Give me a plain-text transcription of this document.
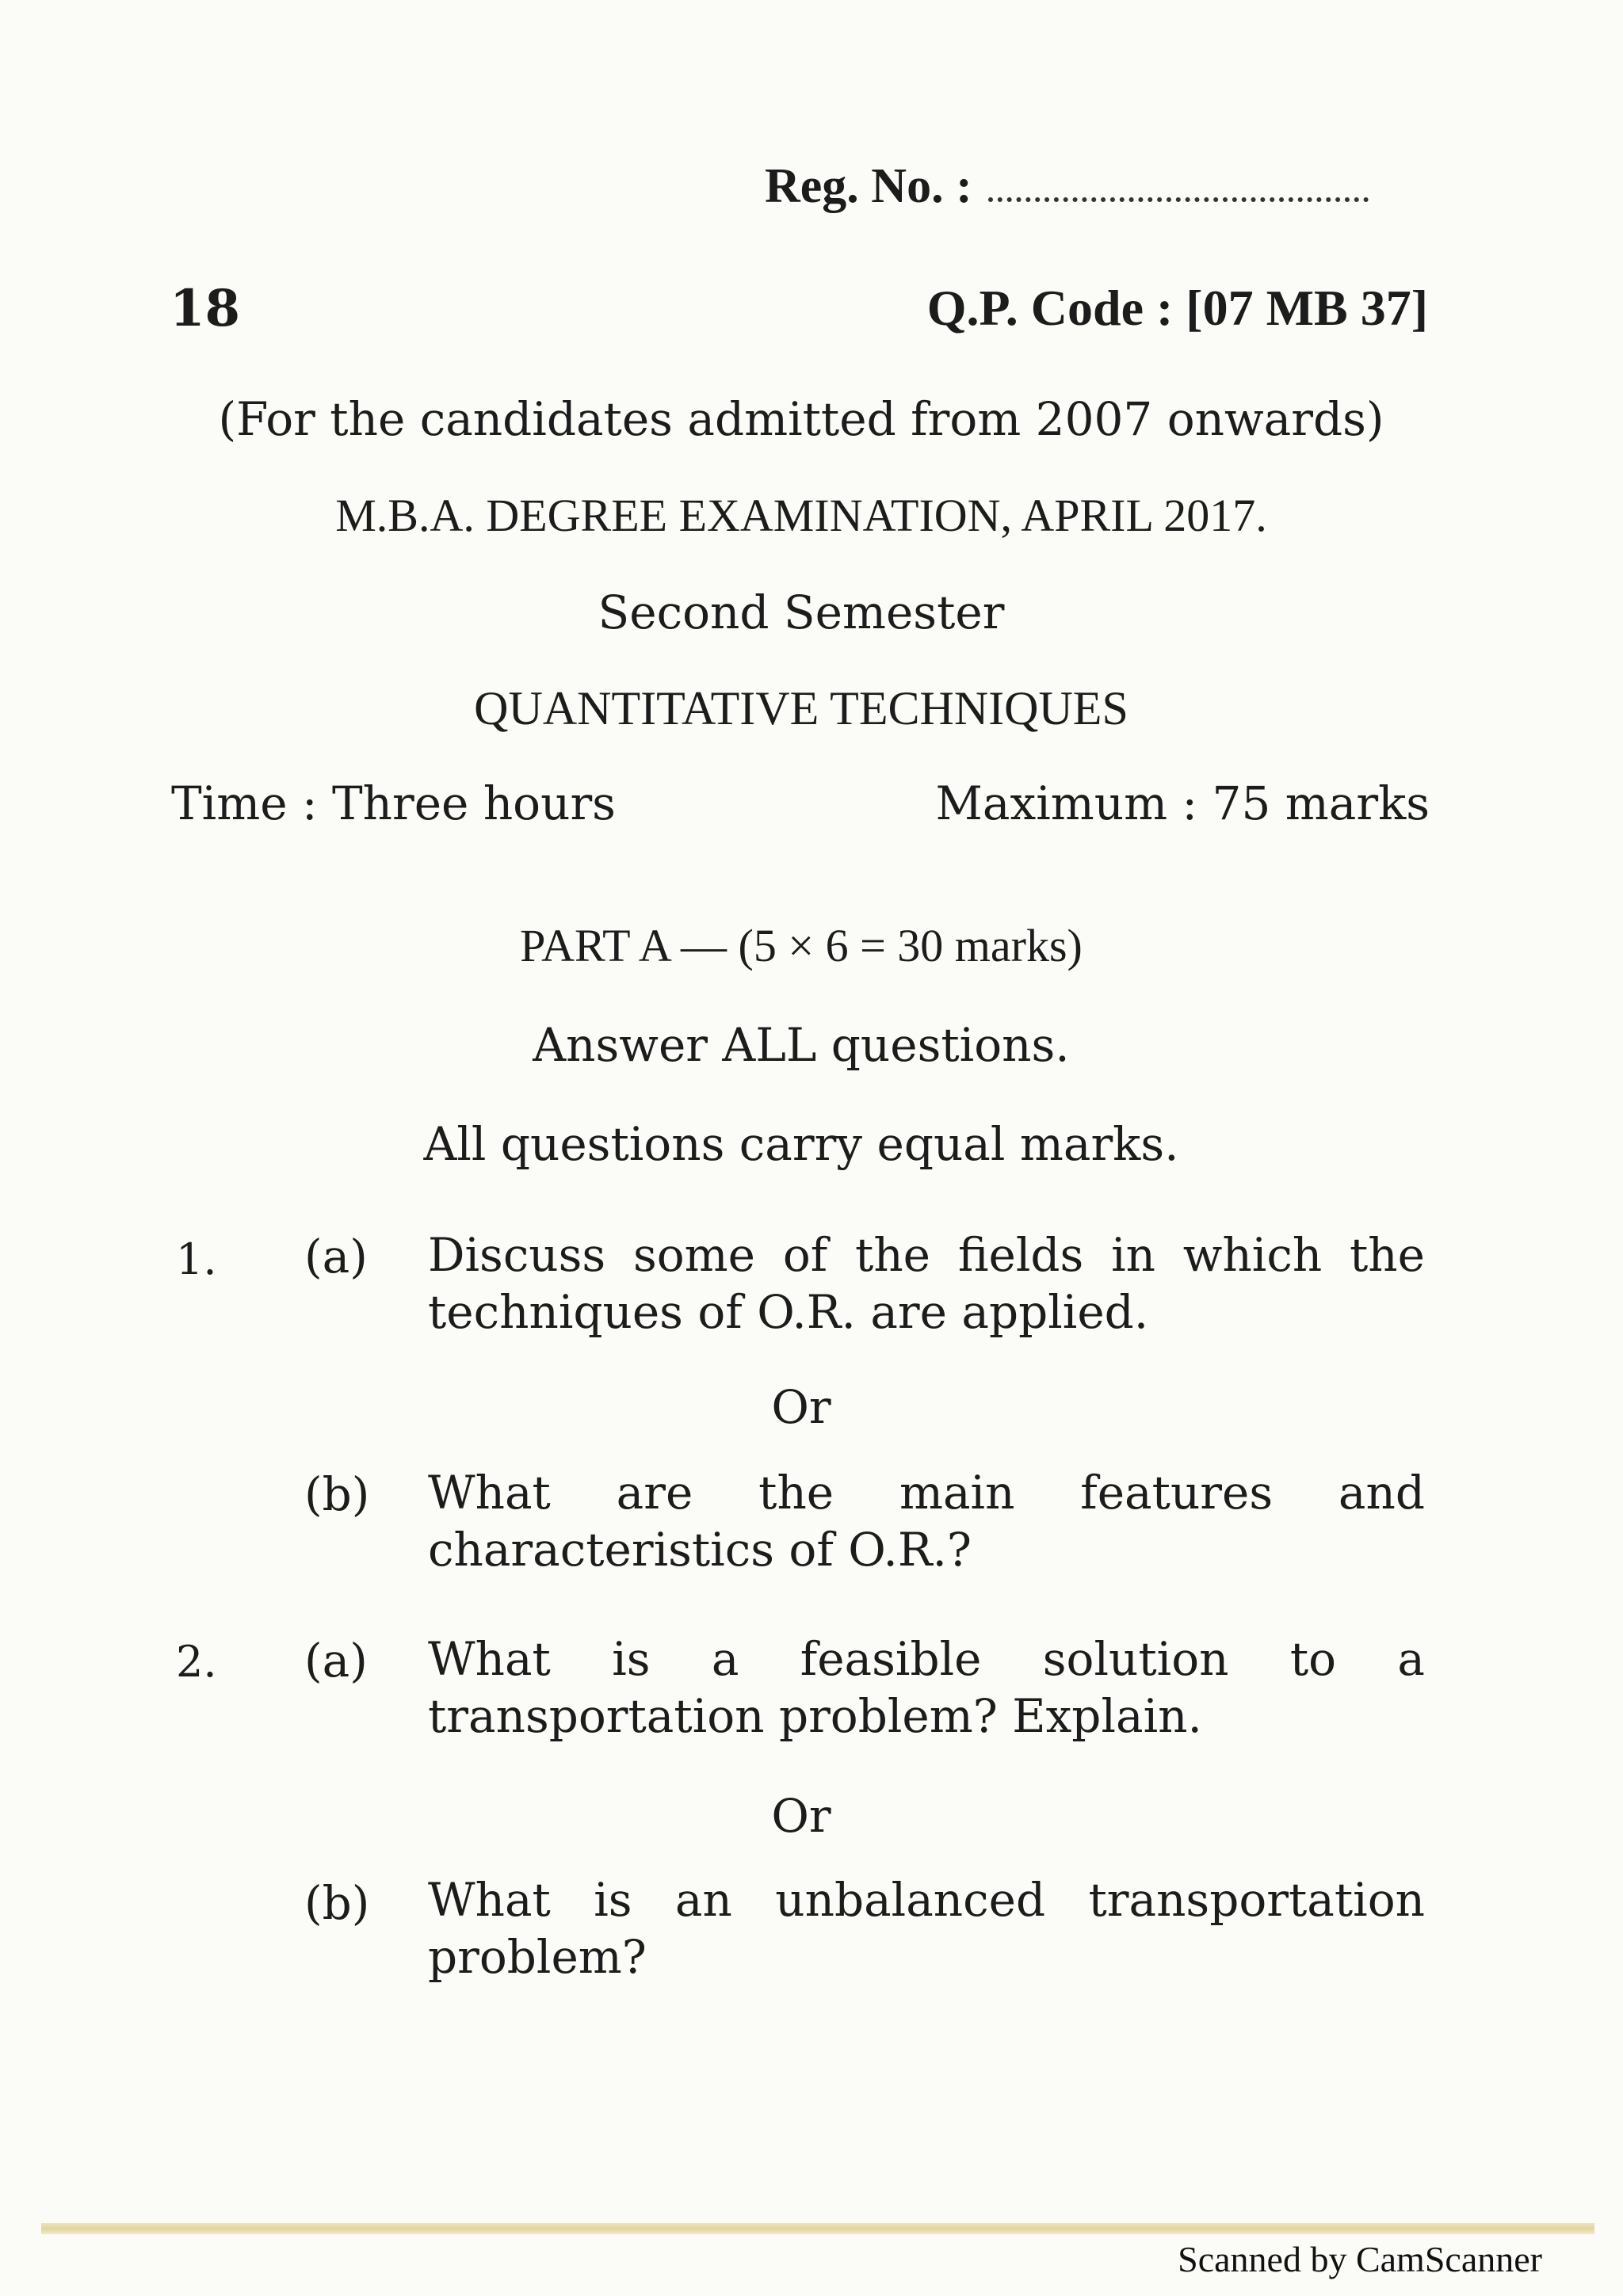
Reg. No. :
18	Q.P. Code : [07 MB 37]
(For the candidates admitted from 2007 onwards)
M.B.A. DEGREE EXAMINATION, APRIL 2017.
Second Semester
QUANTITATIVE TECHNIQUES
Time : Three hours	Maximum : 75 marks
PART A — (5 × 6 = 30 marks)
Answer ALL questions.
All questions carry equal marks.
1. (a) Discuss some of the fields in which the
techniques of O.R. are applied.
Or
(b) What are the main features and
characteristics of O.R.?
2. (a) What is a feasible solution to a
transportation problem? Explain.
Or
(b) What is an unbalanced transportation
problem?
Scanned by CamScanner
